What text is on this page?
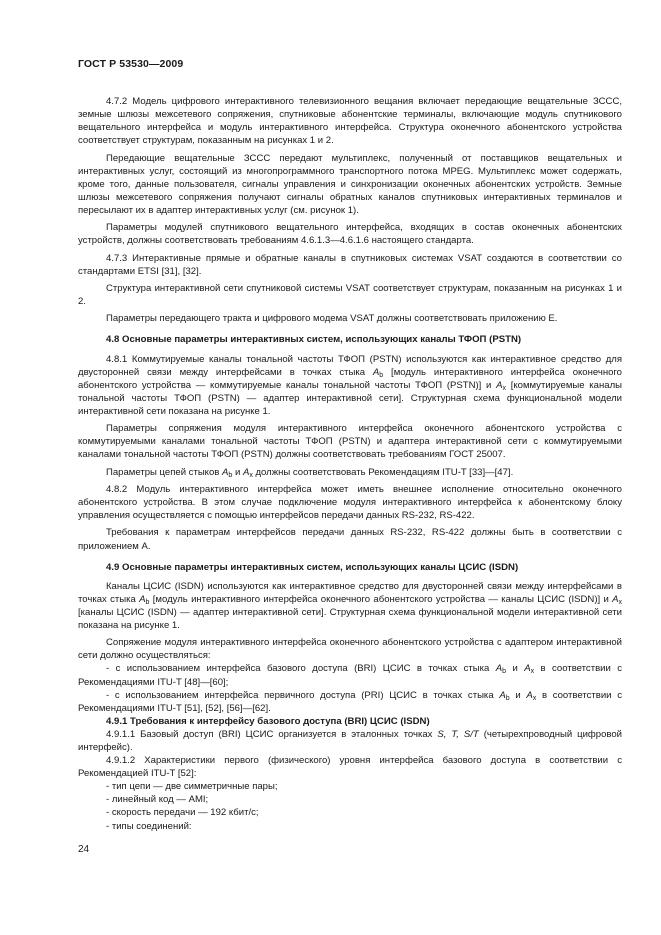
ГОСТ Р 53530—2009

4.7.2 Модель цифрового интерактивного телевизионного вещания включает передающие вещательные ЗССС, земные шлюзы межсетевого сопряжения, спутниковые абонентские терминалы, включающие модуль спутникового вещательного интерфейса и модуль интерактивного интерфейса. Структура оконечного абонентского устройства соответствует структурам, показанным на рисунках 1 и 2.

Передающие вещательные ЗССС передают мультиплекс, полученный от поставщиков вещательных и интерактивных услуг, состоящий из многопрограммного транспортного потока MPEG. Мультиплекс может содержать, кроме того, данные пользователя, сигналы управления и синхронизации оконечных абонентских устройств. Земные шлюзы межсетевого сопряжения получают сигналы обратных каналов спутниковых интерактивных терминалов и пересылают их в адаптер интерактивных услуг (см. рисунок 1).

Параметры модулей спутникового вещательного интерфейса, входящих в состав оконечных абонентских устройств, должны соответствовать требованиям 4.6.1.3—4.6.1.6 настоящего стандарта.

4.7.3 Интерактивные прямые и обратные каналы в спутниковых системах VSAT создаются в соответствии со стандартами ETSI [31], [32].

Структура интерактивной сети спутниковой системы VSAT соответствует структурам, показанным на рисунках 1 и 2.

Параметры передающего тракта и цифрового модема VSAT должны соответствовать приложению Е.

4.8 Основные параметры интерактивных систем, использующих каналы ТФОП (PSTN)

4.8.1 Коммутируемые каналы тональной частоты ТФОП (PSTN) используются как интерактивное средство для двусторонней связи между интерфейсами в точках стыка $A_b$ [модуль интерактивного интерфейса оконечного абонентского устройства — коммутируемые каналы тональной частоты ТФОП (PSTN)] и $A_x$ [коммутируемые каналы тональной частоты ТФОП (PSTN) — адаптер интерактивной сети]. Структурная схема функциональной модели интерактивной сети показана на рисунке 1.

Параметры сопряжения модуля интерактивного интерфейса оконечного абонентского устройства с коммутируемыми каналами тональной частоты ТФОП (PSTN) и адаптера интерактивной сети с коммутируемыми каналами тональной частоты ТФОП (PSTN) должны соответствовать требованиям ГОСТ 25007.

Параметры цепей стыков $A_b$ и $A_x$ должны соответствовать Рекомендациям ITU-T [33]—[47].

4.8.2 Модуль интерактивного интерфейса может иметь внешнее исполнение относительно оконечного абонентского устройства. В этом случае подключение модуля интерактивного интерфейса к абонентскому блоку управления осуществляется с помощью интерфейсов передачи данных RS-232, RS-422.

Требования к параметрам интерфейсов передачи данных RS-232, RS-422 должны быть в соответствии с приложением А.

4.9 Основные параметры интерактивных систем, использующих каналы ЦСИС (ISDN)

Каналы ЦСИС (ISDN) используются как интерактивное средство для двусторонней связи между интерфейсами в точках стыка $A_b$ [модуль интерактивного интерфейса оконечного абонентского устройства — каналы ЦСИС (ISDN)] и $A_x$ [каналы ЦСИС (ISDN) — адаптер интерактивной сети]. Структурная схема функциональной модели интерактивной сети показана на рисунке 1.

Сопряжение модуля интерактивного интерфейса оконечного абонентского устройства с адаптером интерактивной сети должно осуществляться:

- с использованием интерфейса базового доступа (BRI) ЦСИС в точках стыка $A_b$ и $A_x$ в соответствии с Рекомендациями ITU-T [48]—[60];

- с использованием интерфейса первичного доступа (PRI) ЦСИС в точках стыка $A_b$ и $A_x$ в соответствии с Рекомендациями ITU-T [51], [52], [56]—[62].

4.9.1 Требования к интерфейсу базового доступа (BRI) ЦСИС (ISDN)

4.9.1.1 Базовый доступ (BRI) ЦСИС организуется в эталонных точках S, T, S/T (четырехпроводный цифровой интерфейс).

4.9.1.2 Характеристики первого (физического) уровня интерфейса базового доступа в соответствии с Рекомендацией ITU-T [52]:

- тип цепи — две симметричные пары;
- линейный код — AMI;
- скорость передачи — 192 кбит/с;
- типы соединений:
24
